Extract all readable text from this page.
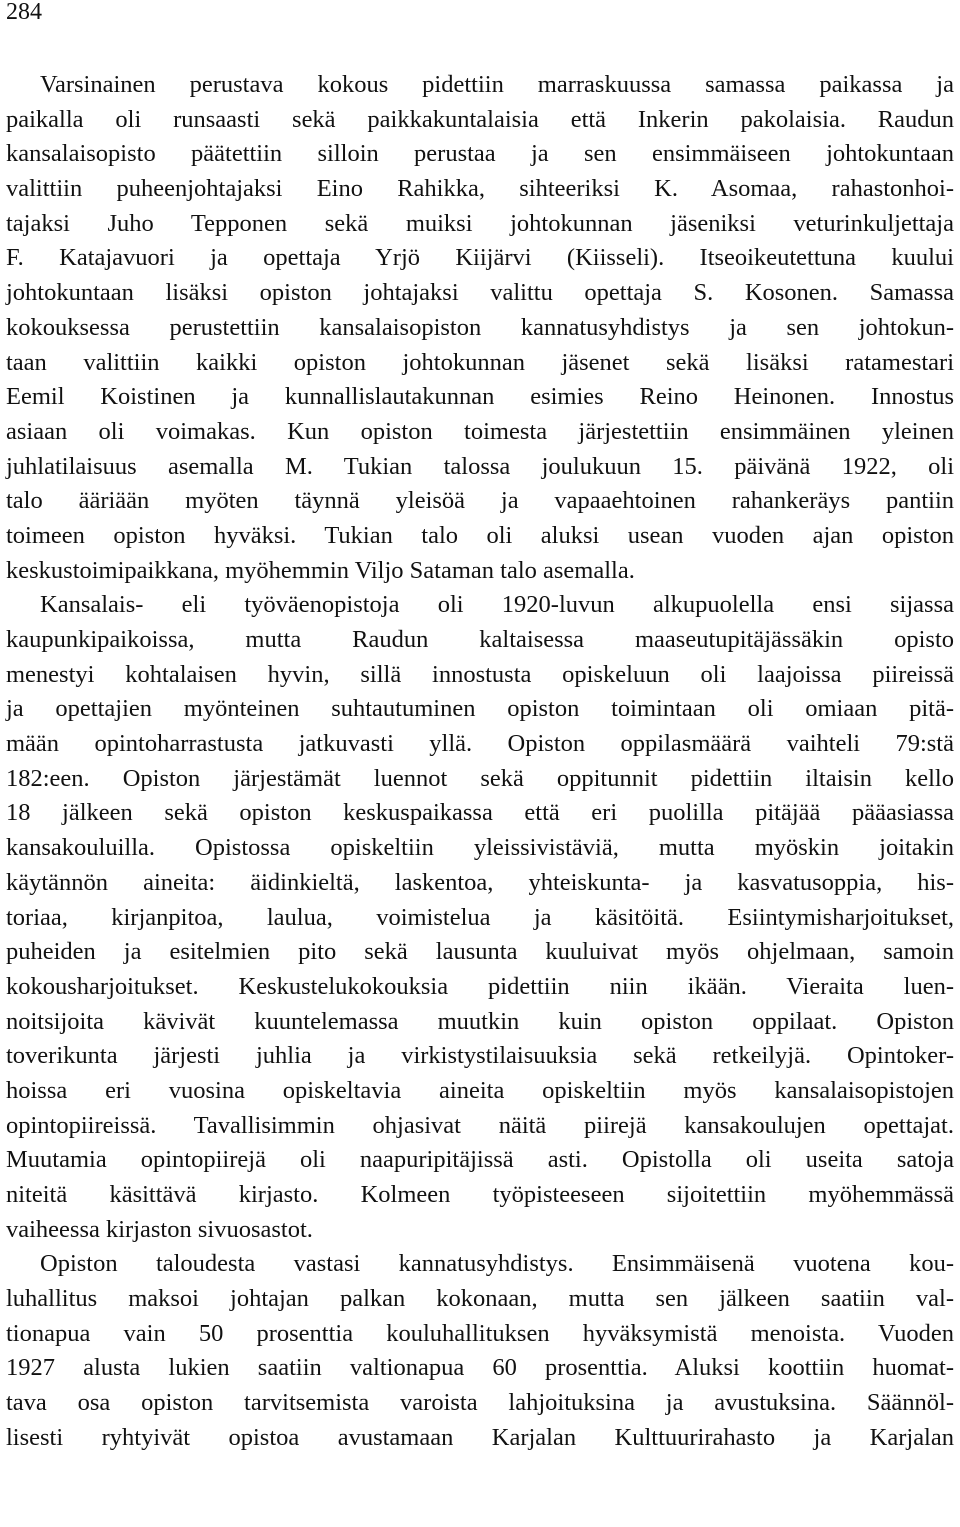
284
Varsinainen perustava kokous pidettiin marraskuussa samassa paikassa ja
paikalla oli runsaasti sekä paikkakuntalaisia että Inkerin pakolaisia. Raudun
kansalaisopisto päätettiin silloin perustaa ja sen ensimmäiseen johtokuntaan
valittiin puheenjohtajaksi Eino Rahikka, sihteeriksi K. Asomaa, rahastonhoi-
tajaksi Juho Tepponen sekä muiksi johtokunnan jäseniksi veturinkuljettaja
F. Katajavuori ja opettaja Yrjö Kiijärvi (Kiisseli). Itseoikeutettuna kuului
johtokuntaan lisäksi opiston johtajaksi valittu opettaja S. Kosonen. Samassa
kokouksessa perustettiin kansalaisopiston kannatusyhdistys ja sen johtokun-
taan valittiin kaikki opiston johtokunnan jäsenet sekä lisäksi ratamestari
Eemil Koistinen ja kunnallislautakunnan esimies Reino Heinonen. Innostus
asiaan oli voimakas. Kun opiston toimesta järjestettiin ensimmäinen yleinen
juhlatilaisuus asemalla M. Tukian talossa joulukuun 15. päivänä 1922, oli
talo ääriään myöten täynnä yleisöä ja vapaaehtoinen rahankeräys pantiin
toimeen opiston hyväksi. Tukian talo oli aluksi usean vuoden ajan opiston
keskustoimipaikkana, myöhemmin Viljo Sataman talo asemalla.
Kansalais- eli työväenopistoja oli 1920-luvun alkupuolella ensi sijassa
kaupunkipaikoissa, mutta Raudun kaltaisessa maaseutupitäjässäkin opisto
menestyi kohtalaisen hyvin, sillä innostusta opiskeluun oli laajoissa piireissä
ja opettajien myönteinen suhtautuminen opiston toimintaan oli omiaan pitä-
mään opintoharrastusta jatkuvasti yllä. Opiston oppilasmäärä vaihteli 79:stä
182:een. Opiston järjestämät luennot sekä oppitunnit pidettiin iltaisin kello
18 jälkeen sekä opiston keskuspaikassa että eri puolilla pitäjää pääasiassa
kansakouluilla. Opistossa opiskeltiin yleissivistäviä, mutta myöskin joitakin
käytännön aineita: äidinkieltä, laskentoa, yhteiskunta- ja kasvatusoppia, his-
toriaa, kirjanpitoa, laulua, voimistelua ja käsitöitä. Esiintymisharjoitukset,
puheiden ja esitelmien pito sekä lausunta kuuluivat myös ohjelmaan, samoin
kokousharjoitukset. Keskustelukokouksia pidettiin niin ikään. Vieraita luen-
noitsijoita kävivät kuuntelemassa muutkin kuin opiston oppilaat. Opiston
toverikunta järjesti juhlia ja virkistystilaisuuksia sekä retkeilyjä. Opintoker-
hoissa eri vuosina opiskeltavia aineita opiskeltiin myös kansalaisopistojen
opintopiireissä. Tavallisimmin ohjasivat näitä piirejä kansakoulujen opettajat.
Muutamia opintopiirejä oli naapuripitäjissä asti. Opistolla oli useita satoja
niteitä käsittävä kirjasto. Kolmeen työpisteeseen sijoitettiin myöhemmässä
vaiheessa kirjaston sivuosastot.
Opiston taloudesta vastasi kannatusyhdistys. Ensimmäisenä vuotena kou-
luhallitus maksoi johtajan palkan kokonaan, mutta sen jälkeen saatiin val-
tionapua vain 50 prosenttia kouluhallituksen hyväksymistä menoista. Vuoden
1927 alusta lukien saatiin valtionapua 60 prosenttia. Aluksi koottiin huomat-
tava osa opiston tarvitsemista varoista lahjoituksina ja avustuksina. Säännöl-
lisesti ryhtyivät opistoa avustamaan Karjalan Kulttuurirahasto ja Karjalan
